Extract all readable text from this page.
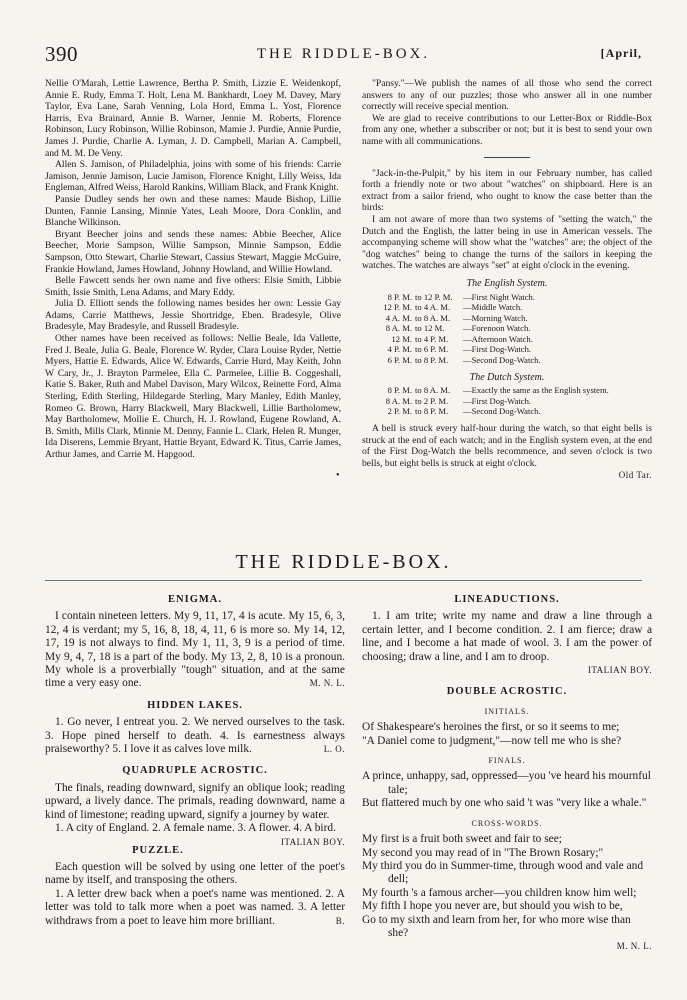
390	THE RIDDLE-BOX.	[April,

Nellie O'Marah, Lettie Lawrence, Bertha P. Smith, Lizzie E. Weidenkopf, Annie E. Rudy, Emma T. Holt, Lena M. Bankhardt, Loey M. Davey, Mary Taylor, Eva Lane, Sarah Venning, Lola Hord, Emma L. Yost, Florence Harris, Eva Brainard, Annie B. Warner, Jennie M. Roberts, Florence Robinson, Lucy Robinson, Willie Robinson, Mamie J. Purdie, Annie Purdie, James J. Purdie, Charlie A. Lyman, J. D. Campbell, Marian A. Campbell, and M. M. De Veny.

Allen S. Jamison, of Philadelphia, joins with some of his friends: Carrie Jamison, Jennie Jamison, Lucie Jamison, Florence Knight, Lilly Weiss, Ida Engleman, Alfred Weiss, Harold Rankins, William Black, and Frank Knight.

Pansie Dudley sends her own and these names: Maude Bishop, Lillie Dunten, Fannie Lansing, Minnie Yates, Leah Moore, Dora Conklin, and Blanche Wilkinson.

Bryant Beecher joins and sends these names: Abbie Beecher, Alice Beecher, Morie Sampson, Willie Sampson, Minnie Sampson, Eddie Sampson, Otto Stewart, Charlie Stewart, Cassius Stewart, Maggie McGuire, Frankie Howland, James Howland, Johnny Howland, and Willie Howland.

Belle Fawcett sends her own name and five others: Elsie Smith, Libbie Smith, Issie Smith, Lena Adams, and Mary Eddy.

Julia D. Elliott sends the following names besides her own: Lessie Gay Adams, Carrie Matthews, Jessie Shortridge, Eben. Bradesyle, Olive Bradesyle, May Bradesyle, and Russell Bradesyle.

Other names have been received as follows: Nellie Beale, Ida Vallette, Fred J. Beale, Julia G. Beale, Florence W. Ryder, Clara Louise Ryder, Nettie Myers, Hattie E. Edwards, Alice W. Edwards, Carrie Hurd, May Keith, John W Cary, Jr., J. Brayton Parmelee, Ella C. Parmelee, Lillie B. Coggeshall, Katie S. Baker, Ruth and Mabel Davison, Mary Wilcox, Reinette Ford, Alma Sterling, Edith Sterling, Hildegarde Sterling, Mary Manley, Edith Manley, Romeo G. Brown, Harry Blackwell, Mary Blackwell, Lillie Bartholomew, May Bartholomew, Mollie E. Church, H. J. Rowland, Eugene Rowland, A. B. Smith, Mills Clark, Minnie M. Denny, Fannie L. Clark, Helen R. Munger, Ida Diserens, Lemmie Bryant, Hattie Bryant, Edward K. Titus, Carrie James, Arthur James, and Carrie M. Hapgood.

"Pansy."—We publish the names of all those who send the correct answers to any of our puzzles; those who answer all in one number correctly will receive special mention.

We are glad to receive contributions to our Letter-Box or Riddle-Box from any one, whether a subscriber or not; but it is best to send your own name with all communications.

"Jack-in-the-Pulpit," by his item in our February number, has called forth a friendly note or two about "watches" on shipboard. Here is an extract from a sailor friend, who ought to know the case better than the birds:

I am not aware of more than two systems of "setting the watch," the Dutch and the English, the latter being in use in American vessels. The accompanying scheme will show what the "watches" are; the object of the "dog watches" being to change the turns of the sailors in keeping the watches. The watches are always "set" at eight o'clock in the evening.

The English System.
8 P. M.	to 12 P. M.	—First Night Watch.
12 P. M.	to 4 A. M.	—Middle Watch.
4 A. M.	to 8 A. M.	—Morning Watch.
8 A. M.	to 12 M.	—Forenoon Watch.
12 M.	to 4 P. M.	—Afternoon Watch.
4 P. M.	to 6 P. M.	—First Dog-Watch.
6 P. M.	to 8 P. M.	—Second Dog-Watch.
The Dutch System.
8 P. M.	to 8 A. M.	—Exactly the same as the English system.
8 A. M.	to 2 P. M.	—First Dog-Watch.
2 P. M.	to 8 P. M.	—Second Dog-Watch.

A bell is struck every half-hour during the watch, so that eight bells is struck at the end of each watch; and in the English system even, at the end of the First Dog-Watch the bells recommence, and seven o'clock is two bells, but eight bells is struck at eight o'clock.

Old Tar.
•
THE RIDDLE-BOX.
ENIGMA.

I contain nineteen letters. My 9, 11, 17, 4 is acute. My 15, 6, 3, 12, 4 is verdant; my 5, 16, 8, 18, 4, 11, 6 is more so. My 14, 12, 17, 19 is not always to find. My 1, 11, 3, 9 is a period of time. My 9, 4, 7, 18 is a part of the body. My 13, 2, 8, 10 is a pronoun. My whole is a proverbially "tough" situation, and at the same time a very easy one.	M. N. L.

HIDDEN LAKES.

1. Go never, I entreat you. 2. We nerved ourselves to the task. 3. Hope pined herself to death. 4. Is earnestness always praiseworthy? 5. I love it as calves love milk.	L. O.

QUADRUPLE ACROSTIC.

The finals, reading downward, signify an oblique look; reading upward, a lively dance. The primals, reading downward, name a kind of limestone; reading upward, signify a journey by water.

1. A city of England. 2. A female name. 3. A flower. 4. A bird.
ITALIAN BOY.

PUZZLE.

Each question will be solved by using one letter of the poet's name by itself, and transposing the others.

1. A letter drew back when a poet's name was mentioned. 2. A letter was told to talk more when a poet was named. 3. A letter withdraws from a poet to leave him more brilliant.	B.

LINEADUCTIONS.

1. I am trite; write my name and draw a line through a certain letter, and I become condition. 2. I am fierce; draw a line, and I become a hat made of wool. 3. I am the power of choosing; draw a line, and I am to droop.

ITALIAN BOY.
DOUBLE ACROSTIC.
INITIALS.

Of Shakespeare's heroines the first, or so it seems to me;

"A Daniel come to judgment,"—now tell me who is she?

FINALS.

A prince, unhappy, sad, oppressed—you 've heard his mournful tale;

But flattered much by one who said 't was "very like a whale."

CROSS-WORDS.

My first is a fruit both sweet and fair to see;

My second you may read of in "The Brown Rosary;"

My third you do in Summer-time, through wood and vale and dell;

My fourth 's a famous archer—you children know him well;

My fifth I hope you never are, but should you wish to be,

Go to my sixth and learn from her, for who more wise than she?

M. N. L.
